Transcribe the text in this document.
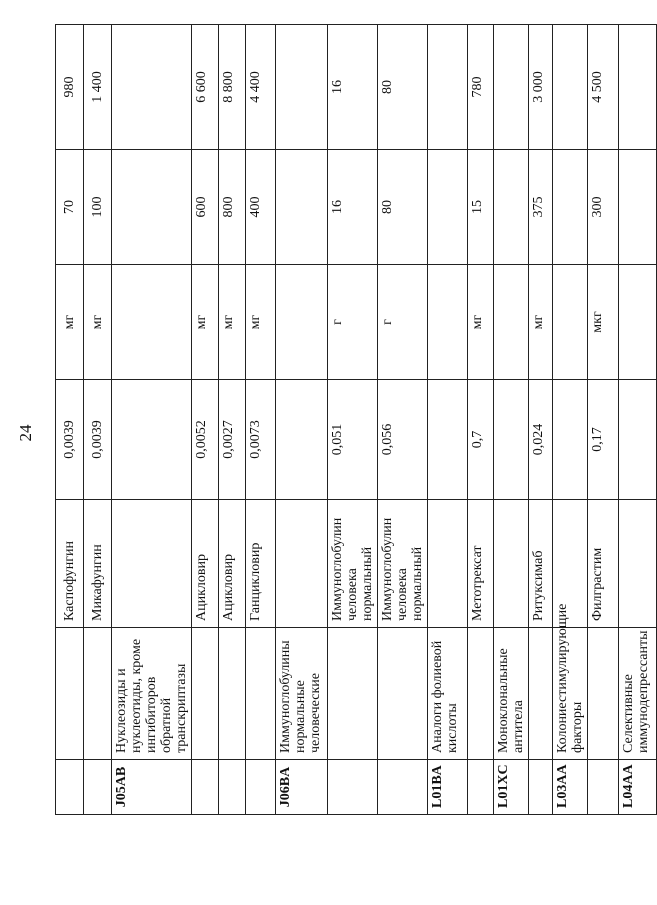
24
		Каспофунгин	0,0039	мг	70	980
		Микафунгин	0,0039	мг	100	1 400
J05AB	Нуклеозиды и нуклеотиды, кроме ингибиторов обратной транскриптазы					
		Ацикловир	0,0052	мг	600	6 600
		Ацикловир	0,0027	мг	800	8 800
		Ганцикловир	0,0073	мг	400	4 400
J06BA	Иммуноглобулины нормальные человеческие					
		Иммуноглобулин человека нормальный	0,051	г	16	16
		Иммуноглобулин человека нормальный	0,056	г	80	80
L01BA	Аналоги фолиевой кислоты					
		Метотрексат	0,7	мг	15	780
L01XC	Моноклональные антитела					
		Ритуксимаб	0,024	мг	375	3 000
L03AA	Колониестимулирующие факторы					
		Филграстим	0,17	мкг	300	4 500
L04AA	Селективные иммунодепрессанты					
